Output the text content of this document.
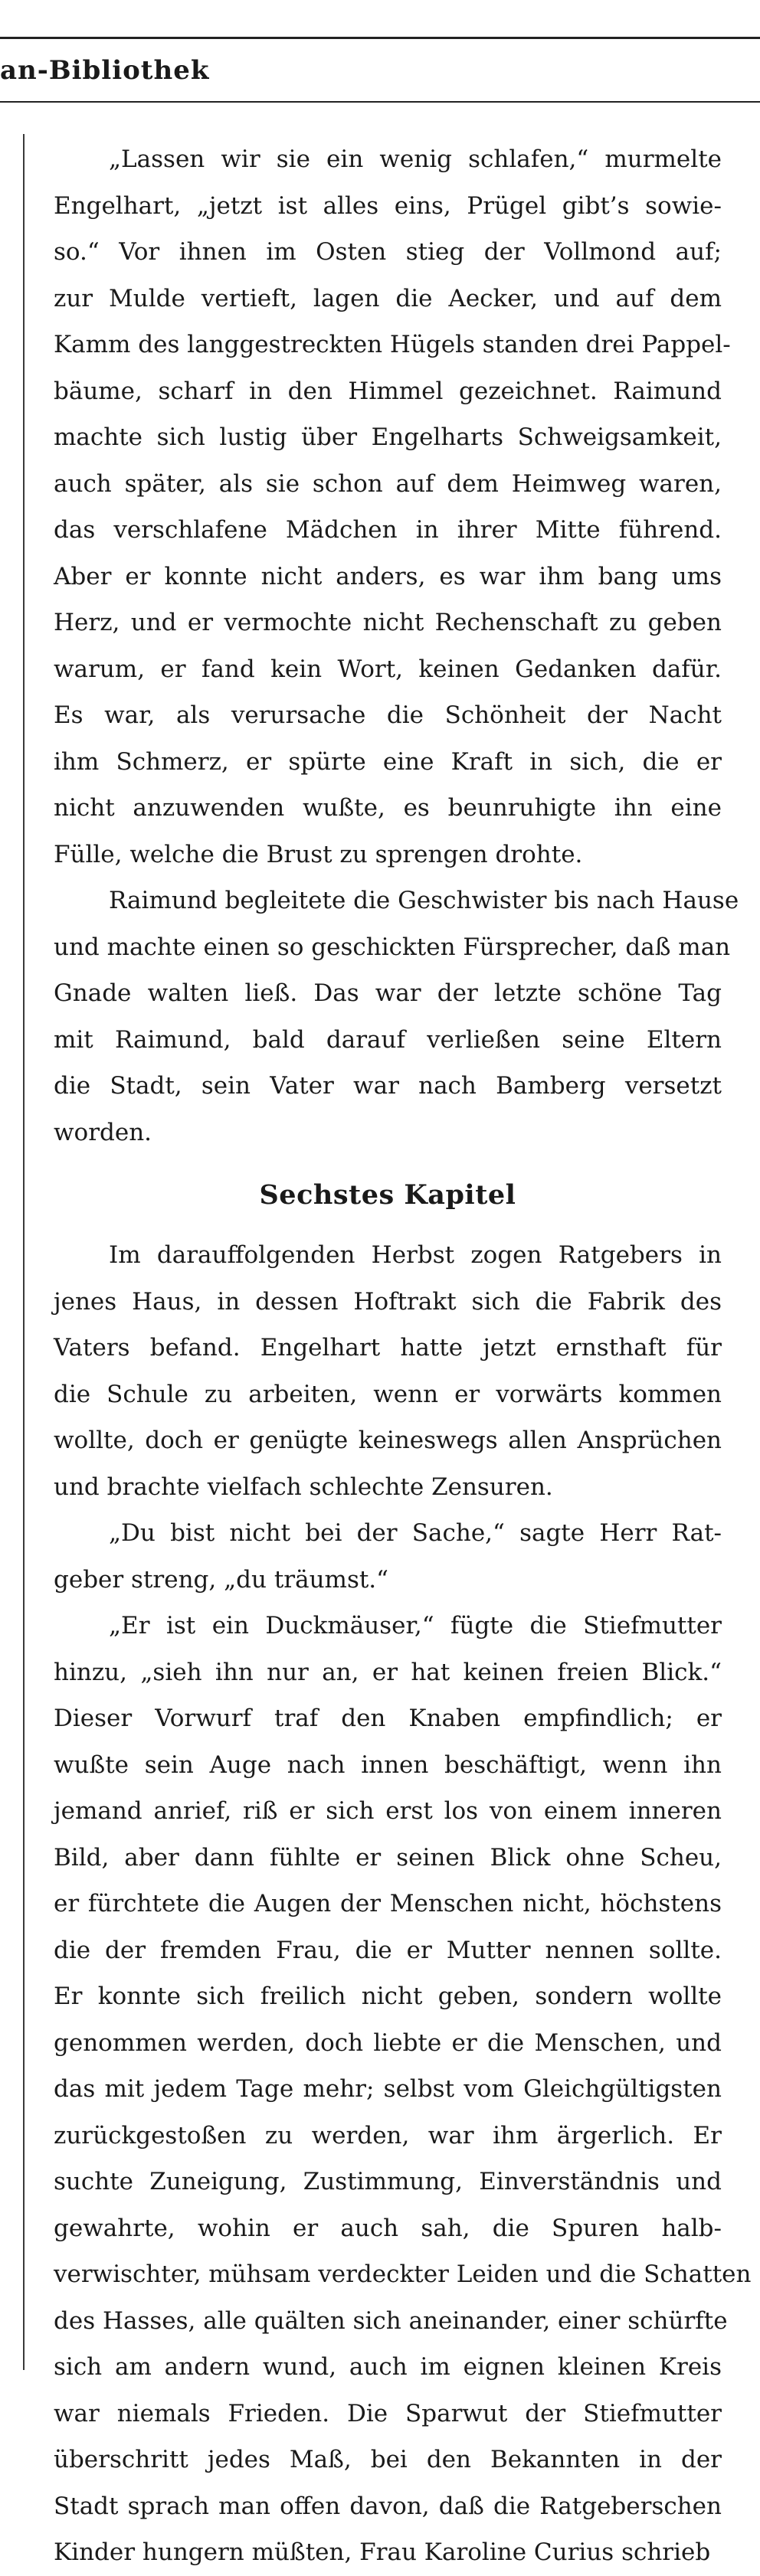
an-Bibliothek
„Lassen wir sie ein wenig schlafen,“ murmelte
Engelhart, „jetzt ist alles eins, Prügel gibt’s sowie-
so.“ Vor ihnen im Osten stieg der Vollmond auf;
zur Mulde vertieft, lagen die Aecker, und auf dem
Kamm des langgestreckten Hügels standen drei Pappel-
bäume, scharf in den Himmel gezeichnet. Raimund
machte sich lustig über Engelharts Schweigsamkeit,
auch später, als sie schon auf dem Heimweg waren,
das verschlafene Mädchen in ihrer Mitte führend.
Aber er konnte nicht anders, es war ihm bang ums
Herz, und er vermochte nicht Rechenschaft zu geben
warum, er fand kein Wort, keinen Gedanken dafür.
Es war, als verursache die Schönheit der Nacht
ihm Schmerz, er spürte eine Kraft in sich, die er
nicht anzuwenden wußte, es beunruhigte ihn eine
Fülle, welche die Brust zu sprengen drohte.
Raimund begleitete die Geschwister bis nach Hause
und machte einen so geschickten Fürsprecher, daß man
Gnade walten ließ. Das war der letzte schöne Tag
mit Raimund, bald darauf verließen seine Eltern
die Stadt, sein Vater war nach Bamberg versetzt
worden.
Sechstes Kapitel
Im darauffolgenden Herbst zogen Ratgebers in
jenes Haus, in dessen Hoftrakt sich die Fabrik des
Vaters befand. Engelhart hatte jetzt ernsthaft für
die Schule zu arbeiten, wenn er vorwärts kommen
wollte, doch er genügte keineswegs allen Ansprüchen
und brachte vielfach schlechte Zensuren.
„Du bist nicht bei der Sache,“ sagte Herr Rat-
geber streng, „du träumst.“
„Er ist ein Duckmäuser,“ fügte die Stiefmutter
hinzu, „sieh ihn nur an, er hat keinen freien Blick.“
Dieser Vorwurf traf den Knaben empfindlich; er
wußte sein Auge nach innen beschäftigt, wenn ihn
jemand anrief, riß er sich erst los von einem inneren
Bild, aber dann fühlte er seinen Blick ohne Scheu,
er fürchtete die Augen der Menschen nicht, höchstens
die der fremden Frau, die er Mutter nennen sollte.
Er konnte sich freilich nicht geben, sondern wollte
genommen werden, doch liebte er die Menschen, und
das mit jedem Tage mehr; selbst vom Gleichgültigsten
zurückgestoßen zu werden, war ihm ärgerlich. Er
suchte Zuneigung, Zustimmung, Einverständnis und
gewahrte, wohin er auch sah, die Spuren halb-
verwischter, mühsam verdeckter Leiden und die Schatten
des Hasses, alle quälten sich aneinander, einer schürfte
sich am andern wund, auch im eignen kleinen Kreis
war niemals Frieden. Die Sparwut der Stiefmutter
überschritt jedes Maß, bei den Bekannten in der
Stadt sprach man offen davon, daß die Ratgeberschen
Kinder hungern müßten, Frau Karoline Curius schrieb
